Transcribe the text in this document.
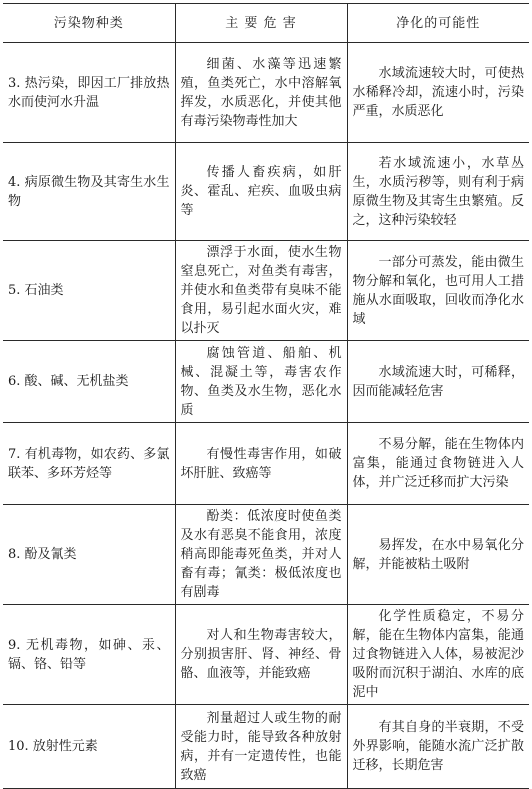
污染物种类	主 要 危 害	净化的可能性
3. 热污染，即因工厂排放热水而使河水升温	细菌、水藻等迅速繁殖，鱼类死亡，水中溶解氧挥发，水质恶化，并使其他有毒污染物毒性加大	水域流速较大时，可使热水稀释冷却，流速小时，污染严重，水质恶化

4. 病原微生物及其寄生水生物	传播人畜疾病，如肝炎、霍乱、疟疾、血吸虫病等	若水域流速小，水草丛生，水质污秽等，则有利于病原微生物及其寄生虫繁殖。反之，这种污染较轻

5. 石油类	漂浮于水面，使水生物窒息死亡，对鱼类有毒害，并使水和鱼类带有臭味不能食用，易引起水面火灾，难以扑灭	一部分可蒸发，能由微生物分解和氧化，也可用人工措施从水面吸取，回收而净化水域

6. 酸、碱、无机盐类	腐蚀管道、船舶、机械、混凝土等，毒害农作物、鱼类及水生物，恶化水质	水域流速大时，可稀释，因而能减轻危害

7. 有机毒物，如农药、多氯联苯、多环芳烃等	有慢性毒害作用，如破坏肝脏、致癌等	不易分解，能在生物体内富集，能通过食物链进入人体，并广泛迁移而扩大污染

8. 酚及氰类	酚类：低浓度时使鱼类及水有恶臭不能食用，浓度稍高即能毒死鱼类，并对人畜有毒；氰类：极低浓度也有剧毒	易挥发，在水中易氧化分解，并能被粘土吸附

9. 无机毒物，如砷、汞、镉、铬、铅等	对人和生物毒害较大，分别损害肝、肾、神经、骨骼、血液等，并能致癌	化学性质稳定，不易分解，能在生物体内富集，能通过食物链进入人体，易被泥沙吸附而沉积于湖泊、水库的底泥中

10. 放射性元素	剂量超过人或生物的耐受能力时，能导致各种放射病，并有一定遗传性，也能致癌	有其自身的半衰期，不受外界影响，能随水流广泛扩散迁移，长期危害
